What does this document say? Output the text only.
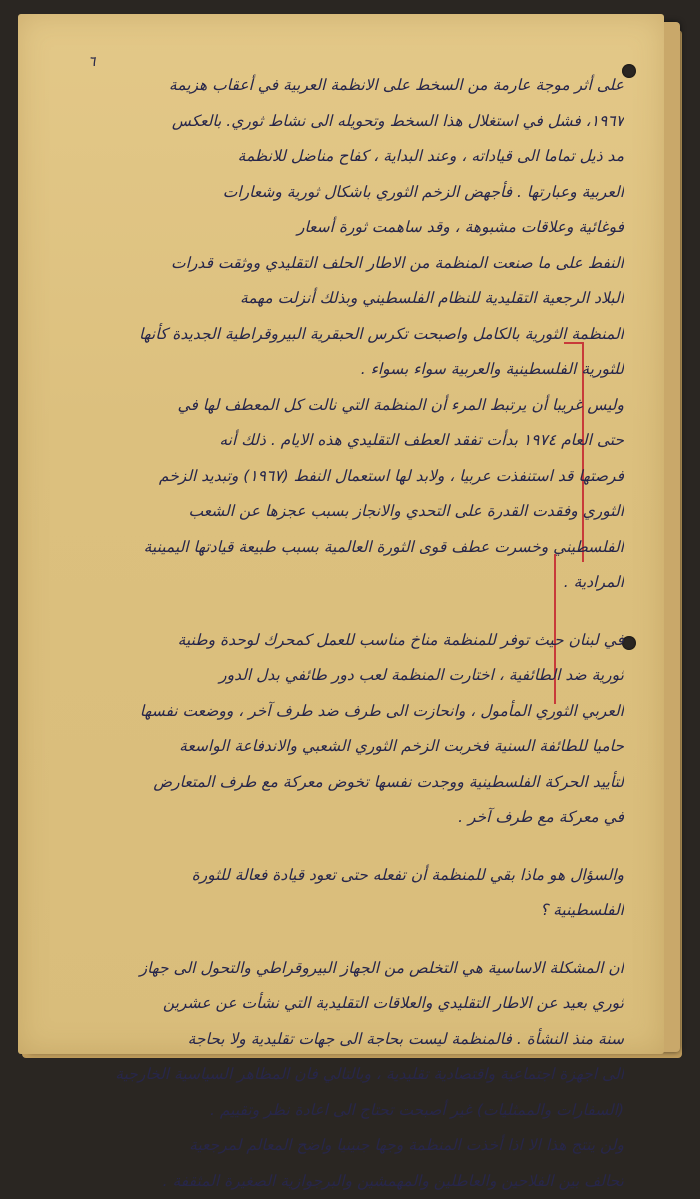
٦
على أثر موجة عارمة من السخط على الانظمة العربية في أعقاب هزيمة
١٩٦٧، فشل في استغلال هذا السخط وتحويله الى نشاط ثوري. بالعكس
مد ذيل تماما الى قياداته ، وعند البداية ، كفاح مناضل للانظمة
العربية وعبارتها . فأجهض الزخم الثوري باشكال ثورية وشعارات
فوغائية وعلاقات مشبوهة ، وقد ساهمت ثورة أسعار
النفط على ما صنعت المنظمة من الاطار الحلف التقليدي ووثقت قدرات
البلاد الرجعية التقليدية للنظام الفلسطيني وبذلك أنزلت مهمة
المنظمة الثورية بالكامل واصبحت تكرس الحبقرية البيروقراطية الجديدة كأنها
للثورية الفلسطينية والعربية سواء بسواء .
وليس غريبا أن يرتبط المرء أن المنظمة التي نالت كل المعطف لها في
حتى العام ١٩٧٤ بدأت تفقد العطف التقليدي هذه الايام . ذلك أنه
فرصتها قد استنفذت عربيا ، ولابد لها استعمال النفط (١٩٦٧) وتبديد الزخم
الثوري وفقدت القدرة على التحدي والانجاز بسبب عجزها عن الشعب
الفلسطيني وخسرت عطف قوى الثورة العالمية بسبب طبيعة قيادتها اليمينية
المرادية .
في لبنان حيث توفر للمنظمة مناخ مناسب للعمل كمحرك لوحدة وطنية
ثورية ضد الطائفية ، اختارت المنظمة لعب دور طائفي بدل الدور
العربي الثوري المأمول ، وانحازت الى طرف ضد طرف آخر ، ووضعت نفسها
حاميا للطائفة السنية فخربت الزخم الثوري الشعبي والاندفاعة الواسعة
لتأييد الحركة الفلسطينية ووجدت نفسها تخوض معركة مع طرف المتعارض
في معركة مع طرف آخر .
والسؤال هو ماذا بقي للمنظمة أن تفعله حتى تعود قيادة فعالة للثورة
الفلسطينية ؟
ان المشكلة الاساسية هي التخلص من الجهاز البيروقراطي والتحول الى جهاز
ثوري بعيد عن الاطار التقليدي والعلاقات التقليدية التي نشأت عن عشرين
سنة منذ النشأة . فالمنظمة ليست بحاجة الى جهات تقليدية ولا بحاجة
الى اجهزة اجتماعية واقتصادية تقليدية ، وبالتالي فان المظاهر السياسية الخارجية
(السفارات والممثليات) غير أصبحت تحتاج الى اعادة نظر وتقييم .
ولن ينتج هذا الا اذا أخذت المنظمة وجها جنينيا واضح المعالم لمرجعية
تحالف بين الفلاحين والعاطلين والمهمشين والبرجوازية الصغيرة المثقفة .
